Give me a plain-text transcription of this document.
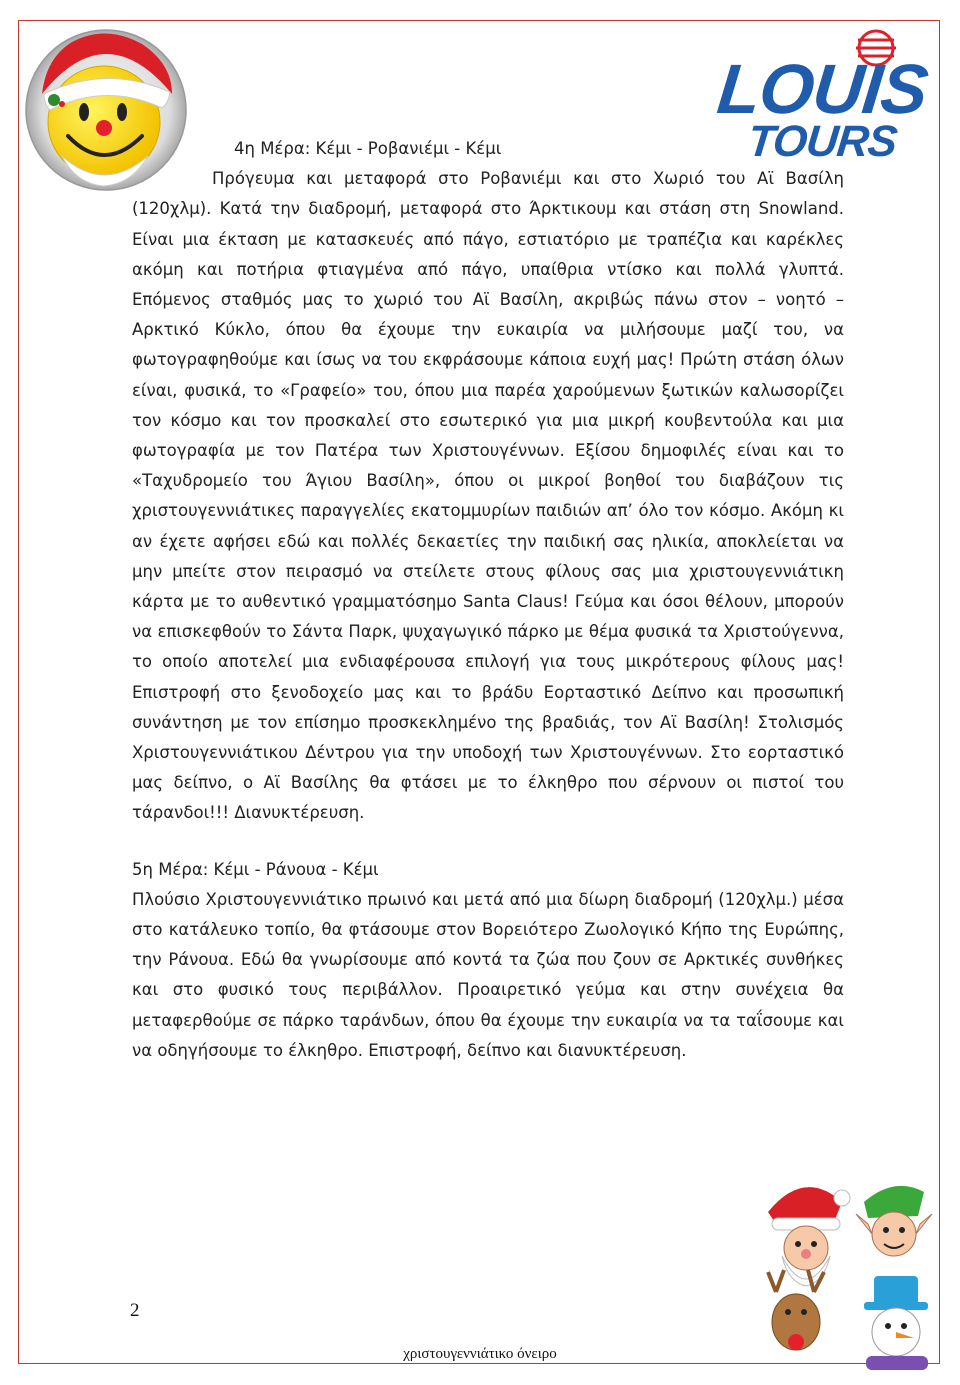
LOUIS
TOURS

4η Μέρα: Κέμι - Ροβανιέμι - Κέμι

Πρόγευμα και μεταφορά στο Ροβανιέμι και στο Χωριό του Αϊ Βασίλη (120χλμ). Κατά την διαδρομή, μεταφορά στο Άρκτικουμ και στάση στη Snowland. Είναι μια έκταση με κατασκευές από πάγο, εστιατόριο με τραπέζια και καρέκλες ακόμη και ποτήρια φτιαγμένα από πάγο, υπαίθρια ντίσκο και πολλά γλυπτά. Επόμενος σταθμός μας το χωριό του Αϊ Βασίλη, ακριβώς πάνω στον – νοητό – Αρκτικό Κύκλο, όπου θα έχουμε την ευκαιρία να μιλήσουμε μαζί του, να φωτογραφηθούμε και ίσως να του εκφράσουμε κάποια ευχή μας! Πρώτη στάση όλων είναι, φυσικά, το «Γραφείο» του, όπου μια παρέα χαρούμενων ξωτικών καλωσορίζει τον κόσμο και τον προσκαλεί στο εσωτερικό για μια μικρή κουβεντούλα και μια φωτογραφία με τον Πατέρα των Χριστουγέννων. Εξίσου δημοφιλές είναι και το «Ταχυδρομείο του Άγιου Βασίλη», όπου οι μικροί βοηθοί του διαβάζουν τις χριστουγεννιάτικες παραγγελίες εκατομμυρίων παιδιών απ’ όλο τον κόσμο. Ακόμη κι αν έχετε αφήσει εδώ και πολλές δεκαετίες την παιδική σας ηλικία, αποκλείεται να μην μπείτε στον πειρασμό να στείλετε στους φίλους σας μια χριστουγεννιάτικη κάρτα με το αυθεντικό γραμματόσημο Santa Claus! Γεύμα και όσοι θέλουν, μπορούν να επισκεφθούν το Σάντα Παρκ, ψυχαγωγικό πάρκο με θέμα φυσικά τα Χριστούγεννα, το οποίο αποτελεί μια ενδιαφέρουσα επιλογή για τους μικρότερους φίλους μας! Επιστροφή στο ξενοδοχείο μας και το βράδυ Εορταστικό Δείπνο και προσωπική συνάντηση με τον επίσημο προσκεκλημένο της βραδιάς, τον Αϊ Βασίλη! Στολισμός Χριστουγεννιάτικου Δέντρου για την υποδοχή των Χριστουγέννων. Στο εορταστικό μας δείπνο, ο Αϊ Βασίλης θα φτάσει με το έλκηθρο που σέρνουν οι πιστοί του τάρανδοι!!! Διανυκτέρευση.

5η Μέρα: Κέμι - Ράνουα - Κέμι

Πλούσιο Χριστουγεννιάτικο πρωινό και μετά από μια δίωρη διαδρομή (120χλμ.) μέσα στο κατάλευκο τοπίο, θα φτάσουμε στον Βορειότερο Ζωολογικό Κήπο της Ευρώπης, την Ράνουα. Εδώ θα γνωρίσουμε από κοντά τα ζώα που ζουν σε Αρκτικές συνθήκες και στο φυσικό τους περιβάλλον. Προαιρετικό γεύμα και στην συνέχεια θα μεταφερθούμε σε πάρκο ταράνδων, όπου θα έχουμε την ευκαιρία να τα ταΐσουμε και να οδηγήσουμε το έλκηθρο. Επιστροφή, δείπνο και διανυκτέρευση.

2
χριστουγεννιάτικο όνειρο
